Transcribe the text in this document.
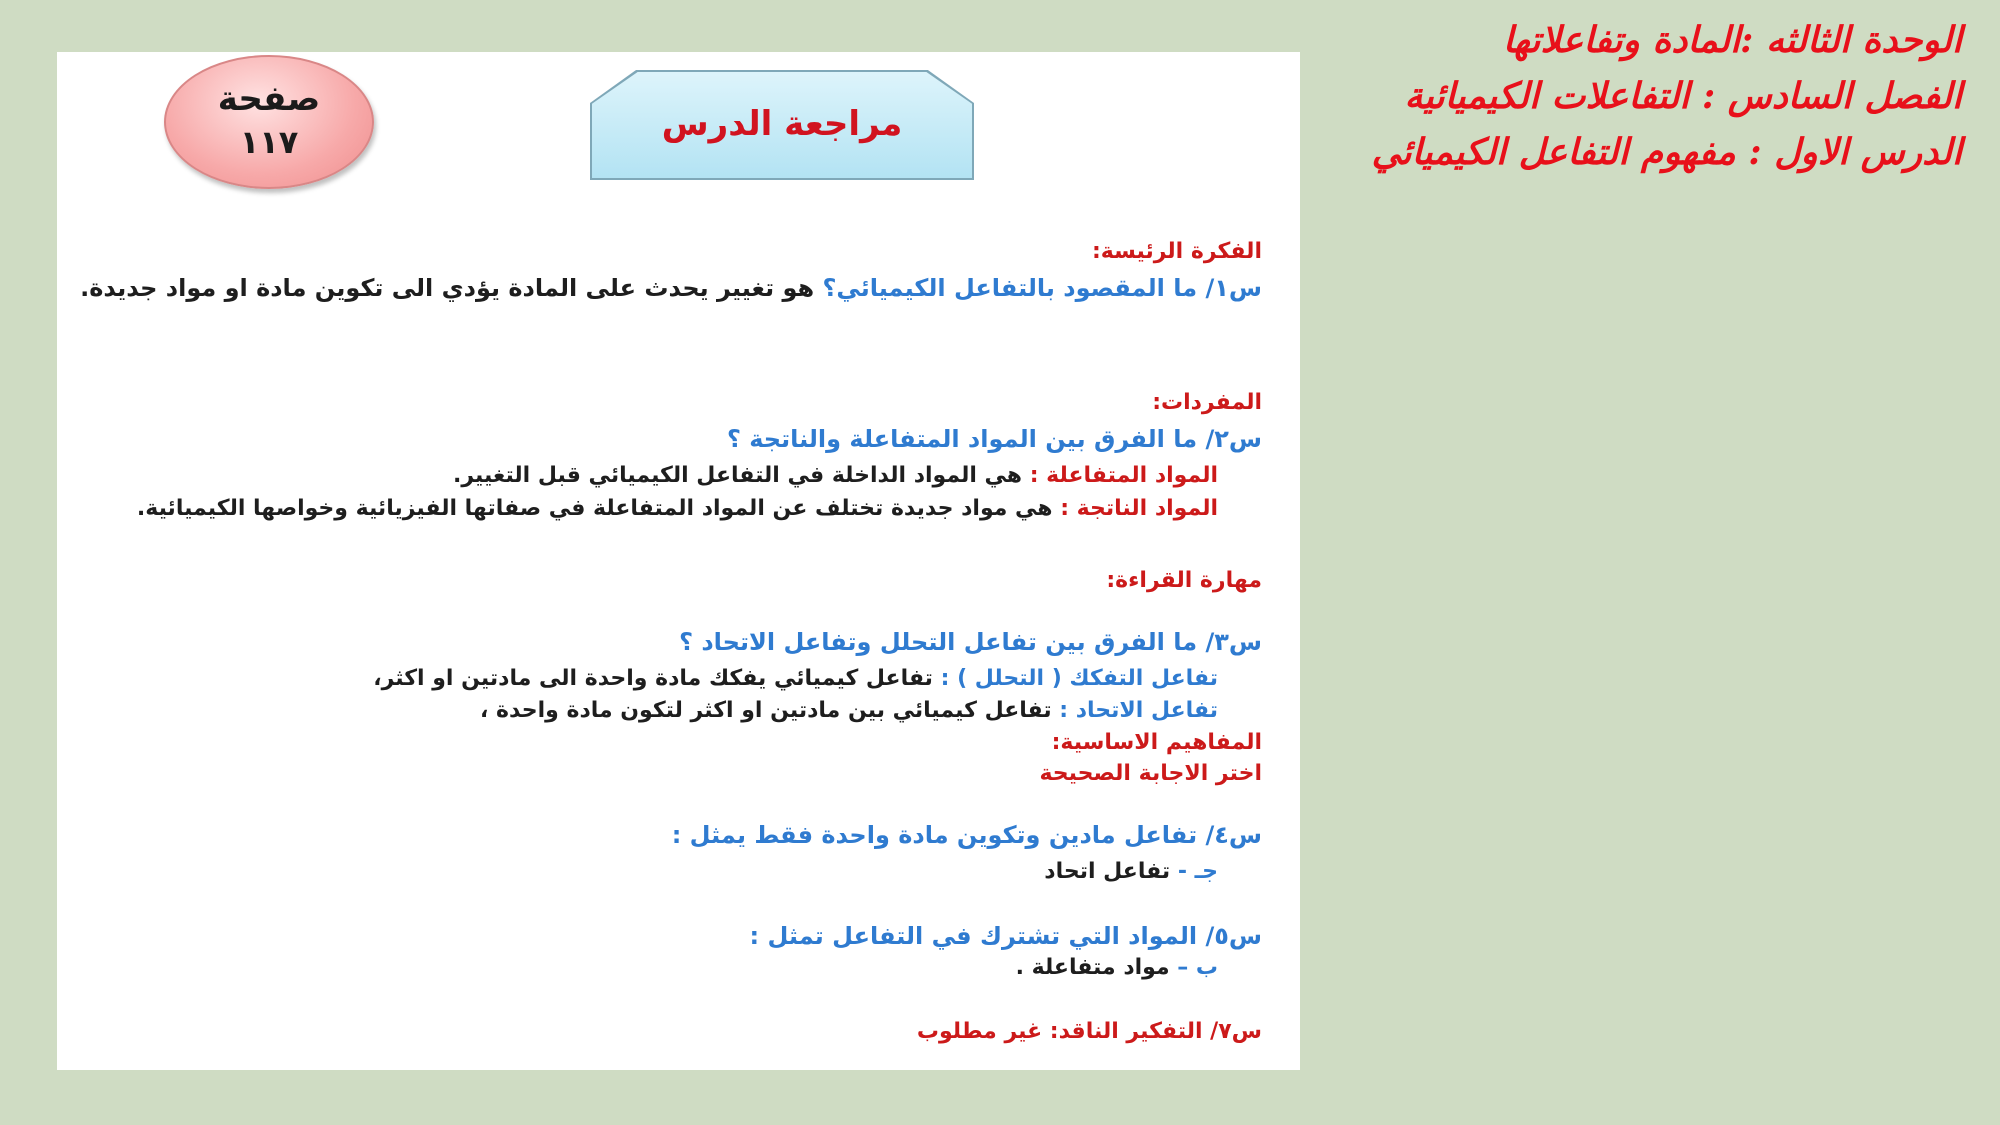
الوحدة الثالثه :المادة وتفاعلاتها
الفصل السادس : التفاعلات الكيميائية
الدرس الاول : مفهوم التفاعل الكيميائي
صفحة
١١٧	مراجعة الدرس
الفكرة الرئيسة:
س١/ ما المقصود بالتفاعل الكيميائي؟ هو تغيير يحدث على المادة يؤدي الى تكوين مادة او مواد جديدة.
المفردات:
س٢/ ما الفرق بين المواد المتفاعلة والناتجة ؟
المواد المتفاعلة : هي المواد الداخلة في التفاعل الكيميائي قبل التغيير.
المواد الناتجة : هي مواد جديدة تختلف عن المواد المتفاعلة في صفاتها الفيزيائية وخواصها الكيميائية.
مهارة القراءة:
س٣/ ما الفرق بين تفاعل التحلل وتفاعل الاتحاد ؟
تفاعل التفكك ( التحلل ) : تفاعل كيميائي يفكك مادة واحدة الى مادتين او اكثر،
تفاعل الاتحاد : تفاعل كيميائي بين مادتين او اكثر لتكون مادة واحدة ،
المفاهيم الاساسية:
اختر الاجابة الصحيحة
س٤/ تفاعل مادين وتكوين مادة واحدة فقط يمثل :
جـ - تفاعل اتحاد
س٥/ المواد التي تشترك في التفاعل تمثل :
ب – مواد متفاعلة .
س٧/ التفكير الناقد: غير مطلوب
